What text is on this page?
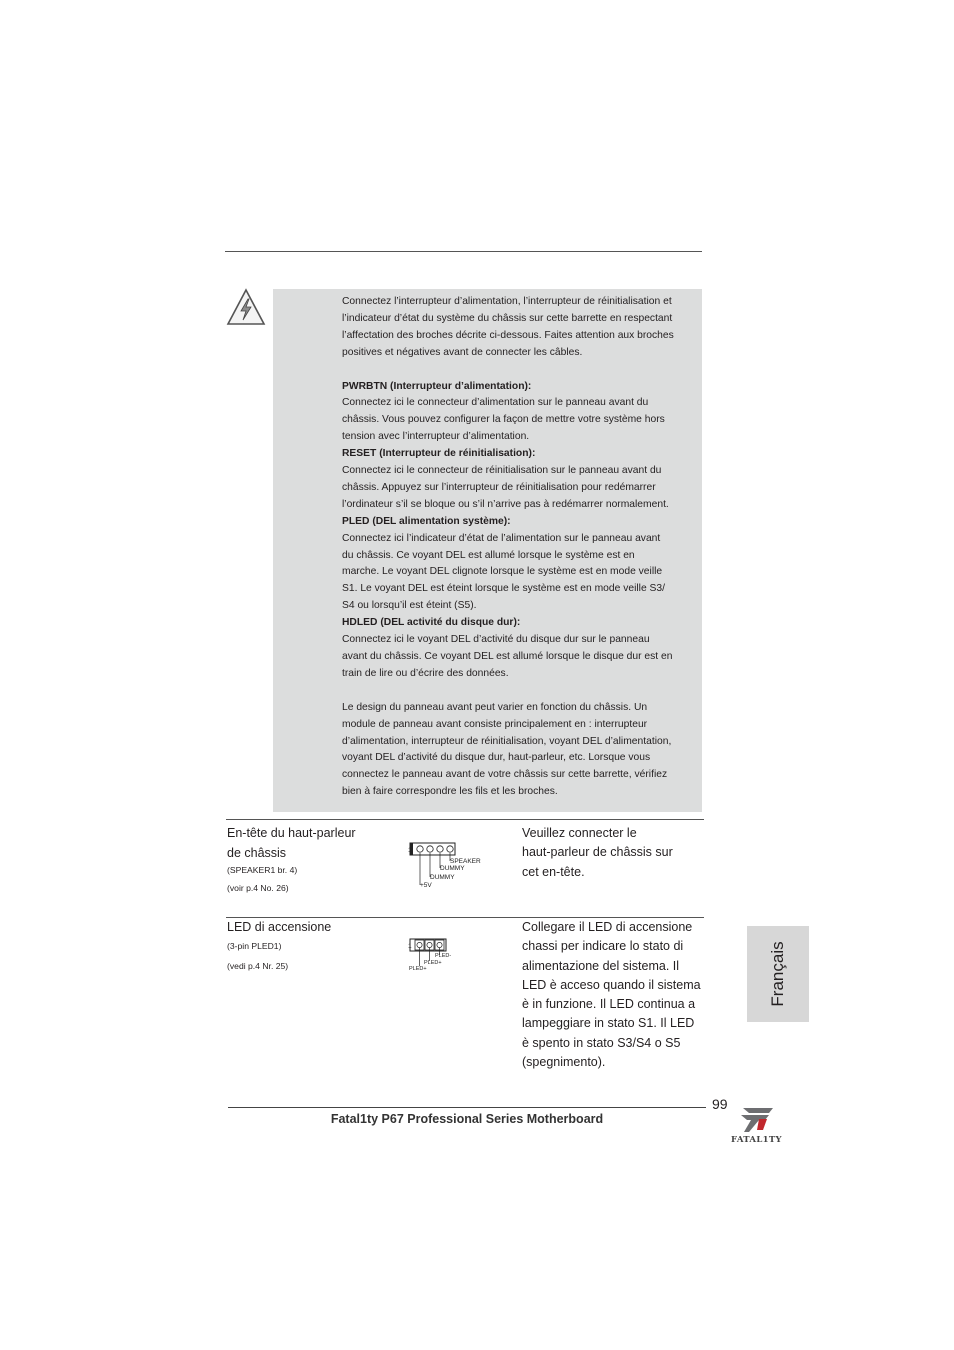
Connectez l’interrupteur d’alimentation, l’interrupteur de réinitialisation et

l’indicateur d’état du système du châssis sur cette barrette en respectant

l’affectation des broches décrite ci-dessous. Faites attention aux broches

positives et négatives avant de connecter les câbles.

PWRBTN (Interrupteur d’alimentation):

Connectez ici le connecteur d’alimentation sur le panneau avant du

châssis. Vous pouvez configurer la façon de mettre votre système hors

tension avec l’interrupteur d’alimentation.

RESET (Interrupteur de réinitialisation):

Connectez ici le connecteur de réinitialisation sur le panneau avant du

châssis. Appuyez sur l’interrupteur de réinitialisation pour redémarrer

l’ordinateur s’il se bloque ou s’il n’arrive pas à redémarrer normalement.

PLED (DEL alimentation système):

Connectez ici l’indicateur d’état de l’alimentation sur le panneau avant

du châssis. Ce voyant DEL est allumé lorsque le système est en

marche. Le voyant DEL clignote lorsque le système est en mode veille

S1. Le voyant DEL est éteint lorsque le système est en mode veille S3/

S4 ou lorsqu’il est éteint (S5).

HDLED (DEL activité du disque dur):

Connectez ici le voyant DEL d’activité du disque dur sur le panneau

avant du châssis. Ce voyant DEL est allumé lorsque le disque dur est en

train de lire ou d’écrire des données.

Le design du panneau avant peut varier en fonction du châssis. Un

module de panneau avant consiste principalement en : interrupteur

d’alimentation, interrupteur de réinitialisation, voyant DEL d’alimentation,

voyant DEL d’activité du disque dur, haut-parleur, etc. Lorsque vous

connectez le panneau avant de votre châssis sur cette barrette, vérifiez

bien à faire correspondre les fils et les broches.

En-tête du haut-parleur
de châssis
(SPEAKER1 br. 4)
(voir p.4 No. 26)
1
SPEAKER
DUMMY
DUMMY
+5V
Veuillez connecter le
haut-parleur de châssis sur
cet en-tête.
LED di accensione
(3-pin PLED1)
(vedi p.4 Nr. 25)
1
PLED-
PLED+
PLED+
Collegare il LED di accensione
chassi per indicare lo stato di
alimentazione del sistema. Il
LED è acceso quando il sistema
è in funzione. Il LED continua a
lampeggiare in stato S1. Il LED
è spento in stato S3/S4 o S5
(spegnimento).
Français
Fatal1ty P67 Professional Series Motherboard
99
FATAL1TY
